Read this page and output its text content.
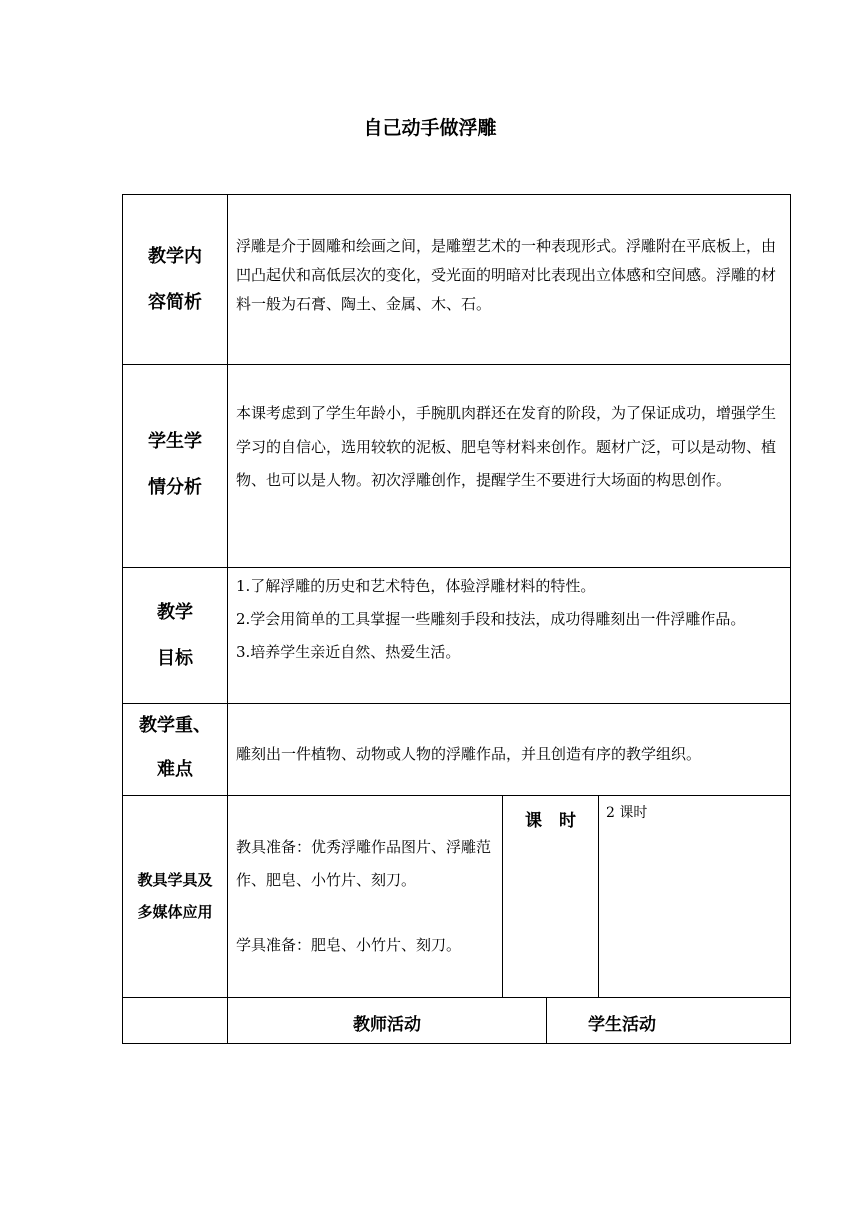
自己动手做浮雕
教学内
容简析
浮雕是介于圆雕和绘画之间，是雕塑艺术的一种表现形式。浮雕附在平底板上，由凹凸起伏和高低层次的变化，受光面的明暗对比表现出立体感和空间感。浮雕的材料一般为石膏、陶土、金属、木、石。
学生学
情分析
本课考虑到了学生年龄小，手腕肌肉群还在发育的阶段，为了保证成功，增强学生学习的自信心，选用较软的泥板、肥皂等材料来创作。题材广泛，可以是动物、植物、也可以是人物。初次浮雕创作，提醒学生不要进行大场面的构思创作。
教学
目标
1.了解浮雕的历史和艺术特色，体验浮雕材料的特性。
2.学会用简单的工具掌握一些雕刻手段和技法，成功得雕刻出一件浮雕作品。
3.培养学生亲近自然、热爱生活。
教学重、
难点
雕刻出一件植物、动物或人物的浮雕作品，并且创造有序的教学组织。
教具学具及
多媒体应用
教具准备：优秀浮雕作品图片、浮雕范作、肥皂、小竹片、刻刀。
学具准备：肥皂、小竹片、刻刀。
课　时	2 课时
教师活动	学生活动
